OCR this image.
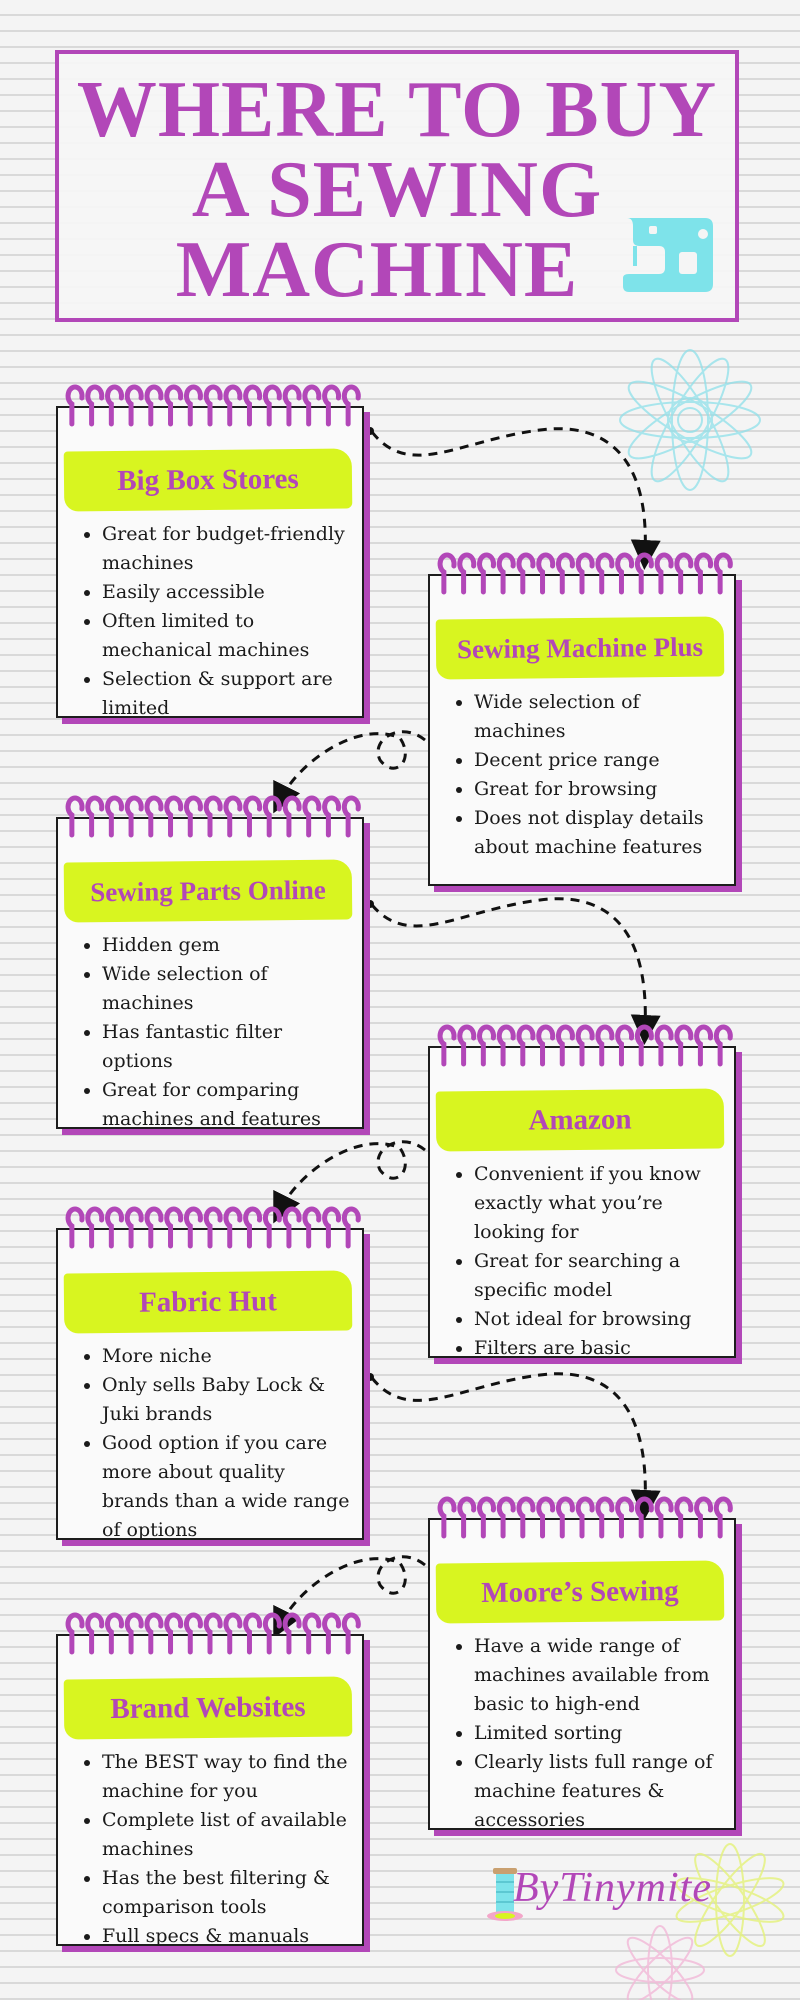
WHERE TO BUY
A SEWING
MACHINE
Big Box Stores
• Great for budget-friendly machines
• Easily accessible
• Often limited to mechanical machines
• Selection & support are limited
Sewing Machine Plus
• Wide selection of machines
• Decent price range
• Great for browsing
• Does not display details about machine features
Sewing Parts Online
• Hidden gem
• Wide selection of machines
• Has fantastic filter options
• Great for comparing machines and features	Amazon
• Convenient if you know exactly what you’re looking for
• Great for searching a specific model
• Not ideal for browsing
• Filters are basic
Fabric Hut
• More niche
• Only sells Baby Lock & Juki brands
• Good option if you care more about quality brands than a wide range of options
Moore’s Sewing
• Have a wide range of machines available from basic to high-end
• Limited sorting
• Clearly lists full range of machine features & accessories
Brand Websites
• The BEST way to find the machine for you
• Complete list of available machines
• Has the best filtering & comparison tools
• Full specs & manuals
ByTinymite
